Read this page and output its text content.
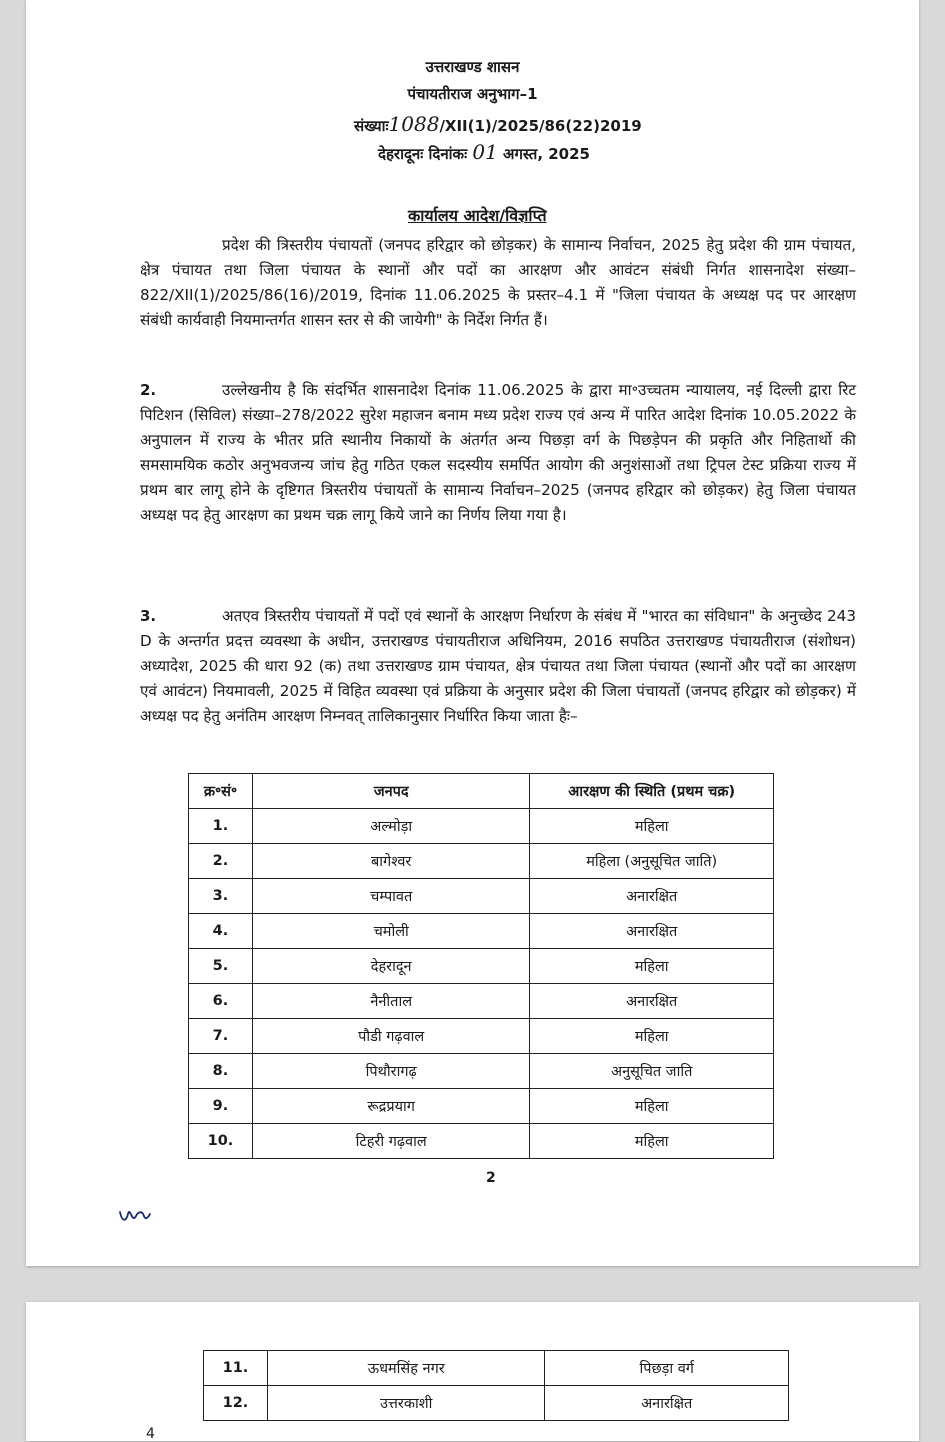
उत्तराखण्ड शासन
पंचायतीराज अनुभाग–1
संख्याः1088/XII(1)/2025/86(22)2019
देहरादूनः दिनांकः 01 अगस्त, 2025
कार्यालय आदेश/विज्ञप्ति

प्रदेश की त्रिस्तरीय पंचायतों (जनपद हरिद्वार को छोड़कर) के सामान्य निर्वाचन, 2025 हेतु प्रदेश की ग्राम पंचायत, क्षेत्र पंचायत तथा जिला पंचायत के स्थानों और पदों का आरक्षण और आवंटन संबंधी निर्गत शासनादेश संख्या–822/XII(1)/2025/86(16)/2019, दिनांक 11.06.2025 के प्रस्तर–4.1 में "जिला पंचायत के अध्यक्ष पद पर आरक्षण संबंधी कार्यवाही नियमान्तर्गत शासन स्तर से की जायेगी" के निर्देश निर्गत हैं।

2.	उल्लेखनीय है कि संदर्भित शासनादेश दिनांक 11.06.2025 के द्वारा मा॰उच्चतम न्यायालय, नई दिल्ली द्वारा रिट पिटिशन (सिविल) संख्या–278/2022 सुरेश महाजन बनाम मध्य प्रदेश राज्य एवं अन्य में पारित आदेश दिनांक 10.05.2022 के अनुपालन में राज्य के भीतर प्रति स्थानीय निकायों के अंतर्गत अन्य पिछड़ा वर्ग के पिछड़ेपन की प्रकृति और निहितार्थो की समसामयिक कठोर अनुभवजन्य जांच हेतु गठित एकल सदस्यीय समर्पित आयोग की अनुशंसाओं तथा ट्रिपल टेस्ट प्रक्रिया राज्य में प्रथम बार लागू होने के दृष्टिगत त्रिस्तरीय पंचायतों के सामान्य निर्वाचन–2025 (जनपद हरिद्वार को छोड़कर) हेतु जिला पंचायत अध्यक्ष पद हेतु आरक्षण का प्रथम चक्र लागू किये जाने का निर्णय लिया गया है।

3.	अतएव त्रिस्तरीय पंचायतों में पदों एवं स्थानों के आरक्षण निर्धारण के संबंध में "भारत का संविधान" के अनुच्छेद 243 D के अन्तर्गत प्रदत्त व्यवस्था के अधीन, उत्तराखण्ड पंचायतीराज अधिनियम, 2016 सपठित उत्तराखण्ड पंचायतीराज (संशोधन) अध्यादेश, 2025 की धारा 92 (क) तथा उत्तराखण्ड ग्राम पंचायत, क्षेत्र पंचायत तथा जिला पंचायत (स्थानों और पदों का आरक्षण एवं आवंटन) नियमावली, 2025 में विहित व्यवस्था एवं प्रक्रिया के अनुसार प्रदेश की जिला पंचायतों (जनपद हरिद्वार को छोड़कर) में अध्यक्ष पद हेतु अनंतिम आरक्षण निम्नवत् तालिकानुसार निर्धारित किया जाता हैः–

क्र॰सं॰	जनपद	आरक्षण की स्थिति (प्रथम चक्र)
1.	अल्मोड़ा	महिला
2.	बागेश्वर	महिला (अनुसूचित जाति)
3.	चम्पावत	अनारक्षित
4.	चमोली	अनारक्षित
5.	देहरादून	महिला
6.	नैनीताल	अनारक्षित
7.	पौडी गढ़वाल	महिला
8.	पिथौरागढ़	अनुसूचित जाति
9.	रूद्रप्रयाग	महिला
10.	टिहरी गढ़वाल	महिला
2
11.	ऊधमसिंह नगर	पिछड़ा वर्ग
12.	उत्तरकाशी	अनारक्षित
4
